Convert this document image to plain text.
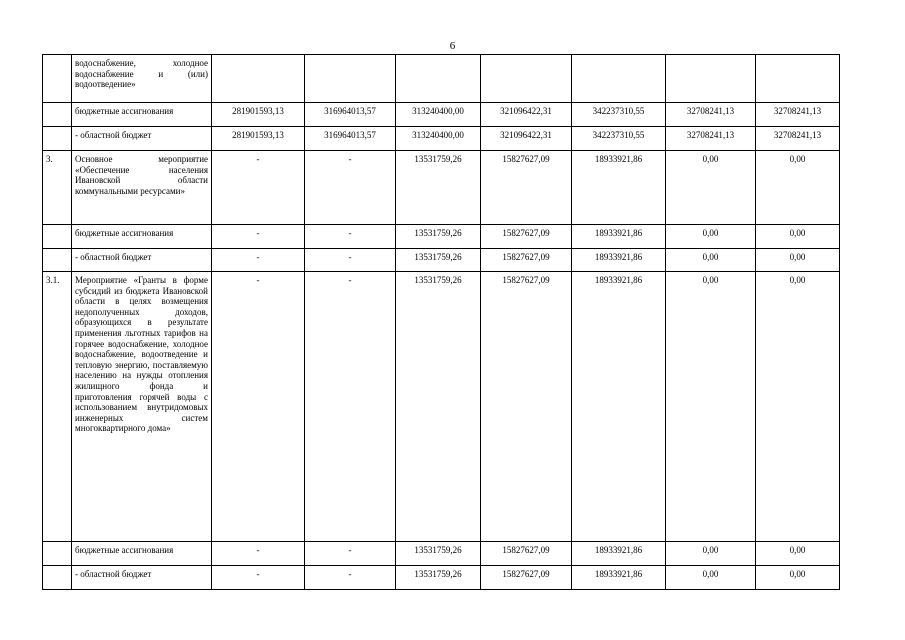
6
	водоснабжение, холодное водоснабжение и (или) водоотведение»							
	бюджетные ассигнования	281901593,13	316964013,57	313240400,00	321096422,31	342237310,55	32708241,13	32708241,13
	- областной бюджет	281901593,13	316964013,57	313240400,00	321096422,31	342237310,55	32708241,13	32708241,13
3.	Основное мероприятие «Обеспечение населения Ивановской области коммунальными ресурсами»	-	-	13531759,26	15827627,09	18933921,86	0,00	0,00
	бюджетные ассигнования	-	-	13531759,26	15827627,09	18933921,86	0,00	0,00
	- областной бюджет	-	-	13531759,26	15827627,09	18933921,86	0,00	0,00
3.1.	Мероприятие «Гранты в форме субсидий из бюджета Ивановской области в целях возмещения недополученных доходов, образующихся в результате применения льготных тарифов на горячее водоснабжение, холодное водоснабжение, водоотведение и тепловую энергию, поставляемую населению на нужды отопления жилищного фонда и приготовления горячей воды с использованием внутридомовых инженерных систем многоквартирного дома»	-	-	13531759,26	15827627,09	18933921,86	0,00	0,00
	бюджетные ассигнования	-	-	13531759,26	15827627,09	18933921,86	0,00	0,00
	- областной бюджет	-	-	13531759,26	15827627,09	18933921,86	0,00	0,00
